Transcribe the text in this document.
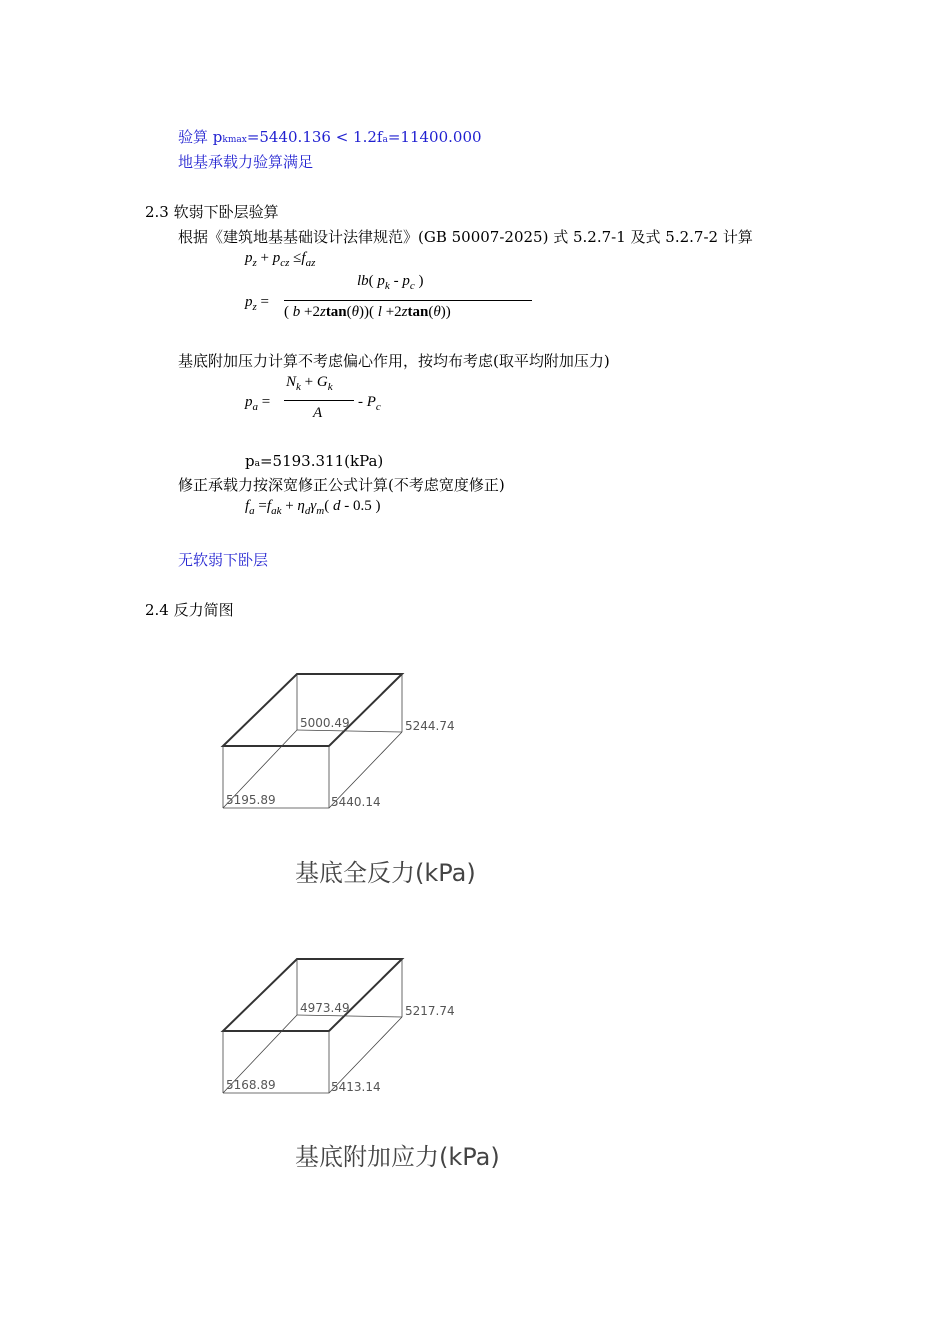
验算 pkmax=5440.136 < 1.2fa=11400.000
地基承载力验算满足
2.3 软弱下卧层验算
根据《建筑地基基础设计法律规范》(GB 50007-2025) 式 5.2.7-1 及式 5.2.7-2 计算
$p_z + p_{cz} \le f_{az}$
$p_z$ =
lb( $p_k - p_c$ )
( b +2ztan(θ))( l +2ztan(θ))
基底附加压力计算不考虑偏心作用，按均布考虑(取平均附加压力)
$p_a$ =
$N_k + G_k$
A
- $P_c$
pa=5193.311(kPa)
修正承载力按深宽修正公式计算(不考虑宽度修正)
$f_a =f_{ak} + \eta_d\gamma_m$( d - 0.5 )
无软弱下卧层
2.4 反力简图
5000.49	5244.74
5195.89	5440.14
基底全反力(kPa)
4973.49	5217.74
5168.89	5413.14
基底附加应力(kPa)
